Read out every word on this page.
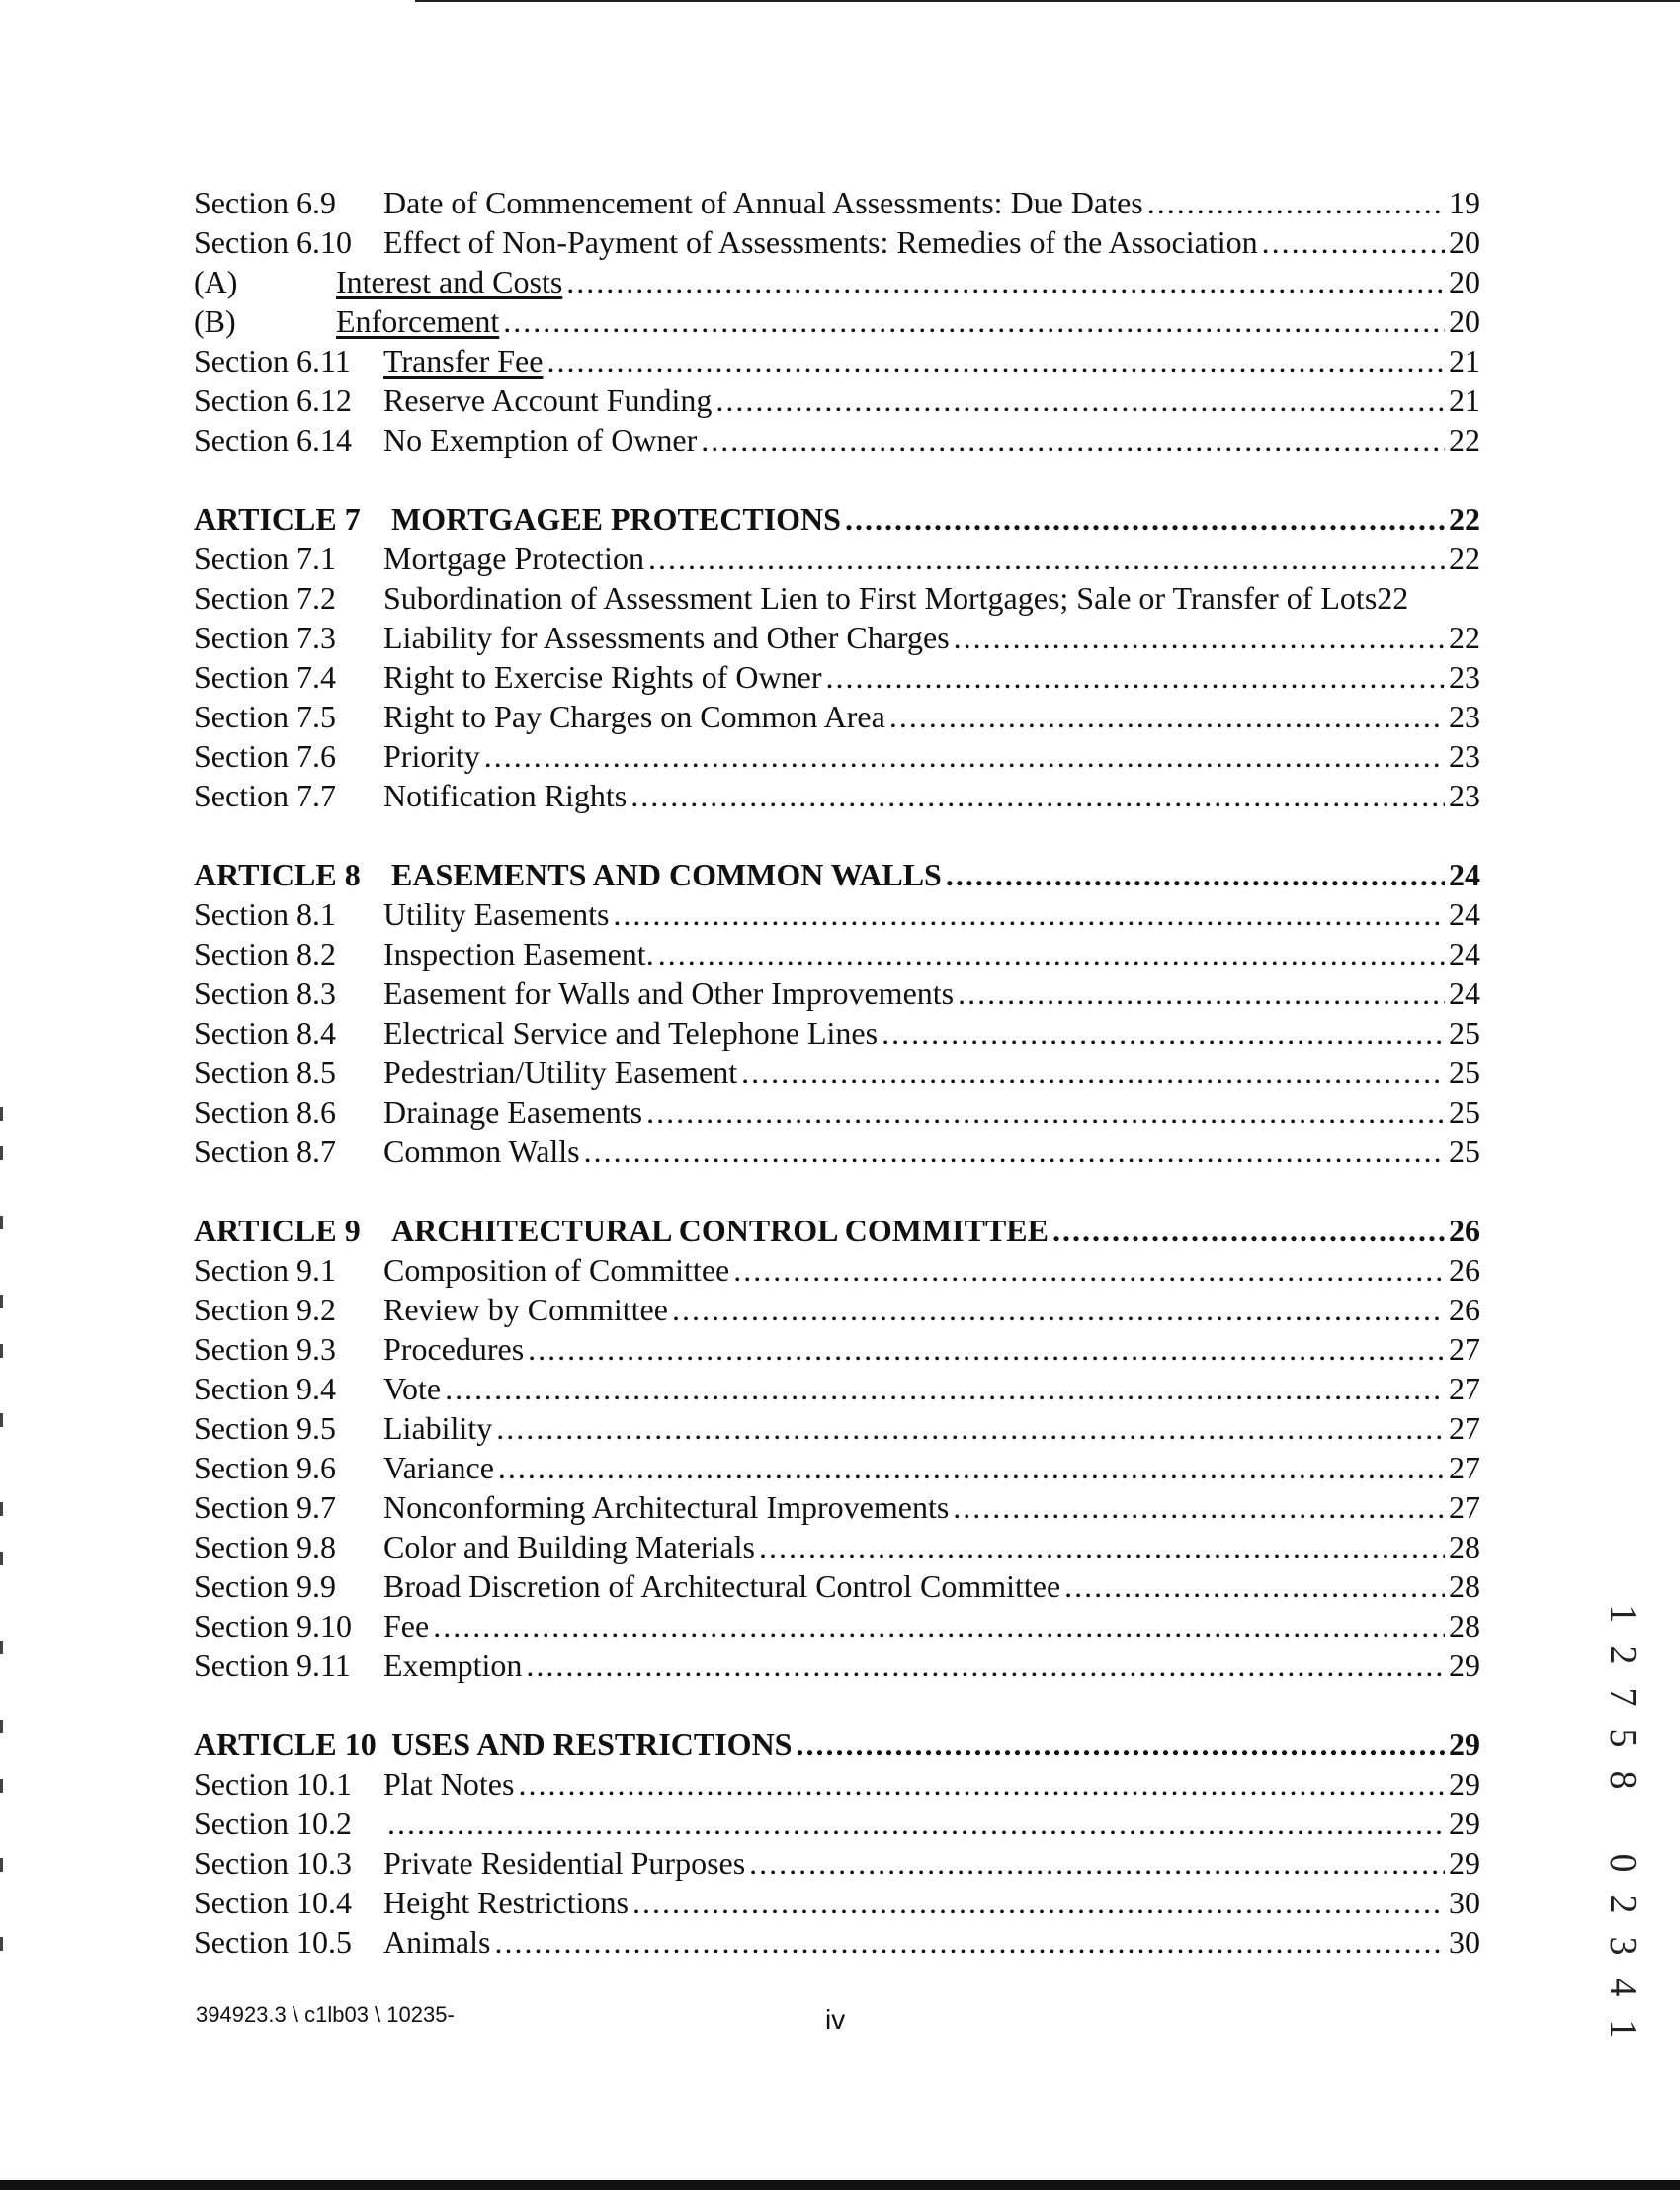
Section 6.9	Date of Commencement of Annual Assessments: Due Dates .....	19
Section 6.10	Effect of Non-Payment of Assessments: Remedies of the Association .....	20
(A)	Interest and Costs .....	20
(B)	Enforcement .....	20
Section 6.11	Transfer Fee .....	21
Section 6.12	Reserve Account Funding .....	21
Section 6.14	No Exemption of Owner .....	22
ARTICLE 7 MORTGAGEE PROTECTIONS .....	22
Section 7.1	Mortgage Protection .....	22
Section 7.2	Subordination of Assessment Lien to First Mortgages; Sale or Transfer of Lots 22
Section 7.3	Liability for Assessments and Other Charges .....	22
Section 7.4	Right to Exercise Rights of Owner .....	23
Section 7.5	Right to Pay Charges on Common Area .....	23
Section 7.6	Priority .....	23
Section 7.7	Notification Rights .....	23
ARTICLE 8 EASEMENTS AND COMMON WALLS .....	24
Section 8.1	Utility Easements .....	24
Section 8.2	Inspection Easement. .....	24
Section 8.3	Easement for Walls and Other Improvements .....	24
Section 8.4	Electrical Service and Telephone Lines .....	25
Section 8.5	Pedestrian/Utility Easement .....	25
Section 8.6	Drainage Easements .....	25
Section 8.7	Common Walls .....	25
ARTICLE 9 ARCHITECTURAL CONTROL COMMITTEE .....	26
Section 9.1	Composition of Committee .....	26
Section 9.2	Review by Committee .....	26
Section 9.3	Procedures .....	27
Section 9.4	Vote .....	27
Section 9.5	Liability .....	27
Section 9.6	Variance .....	27
Section 9.7	Nonconforming Architectural Improvements .....	27
Section 9.8	Color and Building Materials .....	28
Section 9.9	Broad Discretion of Architectural Control Committee .....	28
Section 9.10	Fee .....	28
Section 9.11	Exemption .....	29
ARTICLE 10 USES AND RESTRICTIONS .....	29
Section 10.1	Plat Notes .....	29
Section 10.2 .....	29
Section 10.3	Private Residential Purposes .....	29
Section 10.4	Height Restrictions .....	30
Section 10.5	Animals .....	30
394923.3 \ c1lb03 \ 10235-	iv
1
2
7
5
8
0
2
3
4
1
